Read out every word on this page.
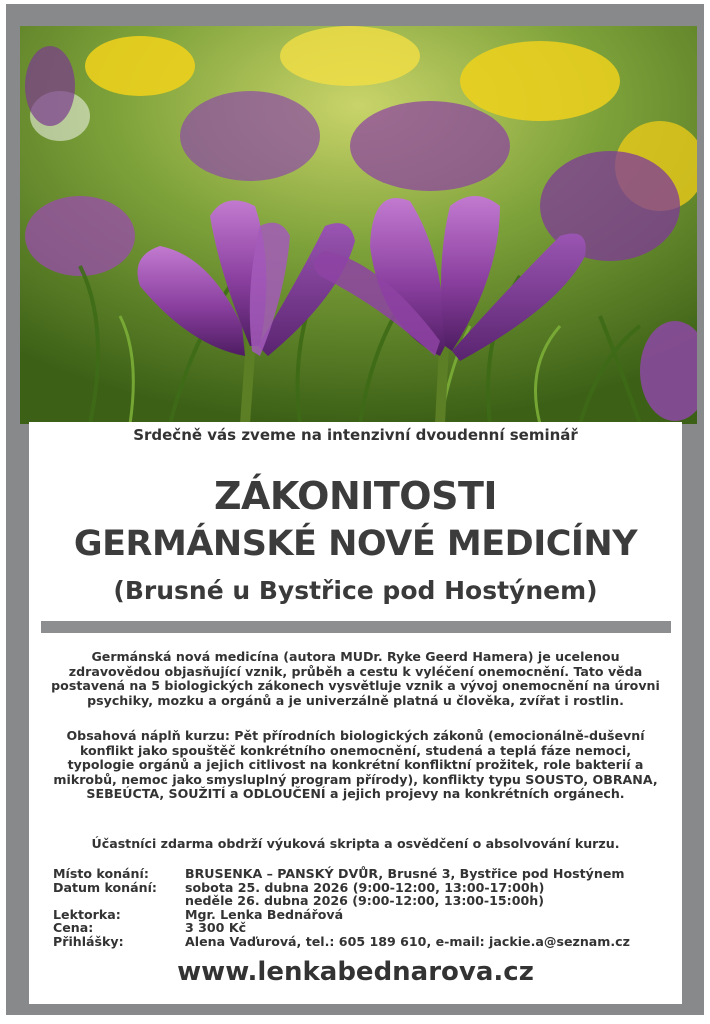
Srdečně vás zveme na intenzivní dvoudenní seminář
ZÁKONITOSTI
GERMÁNSKÉ NOVÉ MEDICÍNY
(Brusné u Bystřice pod Hostýnem)
Germánská nová medicína (autora MUDr. Ryke Geerd Hamera) je ucelenou zdravovědou objasňující vznik, průběh a cestu k vyléčení onemocnění. Tato věda postavená na 5 biologických zákonech vysvětluje vznik a vývoj onemocnění na úrovni psychiky, mozku a orgánů a je univerzálně platná u člověka, zvířat i rostlin.
Obsahová náplň kurzu: Pět přírodních biologických zákonů (emocionálně-duševní konflikt jako spouštěč konkrétního onemocnění, studená a teplá fáze nemoci, typologie orgánů a jejich citlivost na konkrétní konfliktní prožitek, role bakterií a mikrobů, nemoc jako smysluplný program přírody), konflikty typu SOUSTO, OBRANA, SEBEÚCTA, SOUŽITÍ a ODLOUČENÍ a jejich projevy na konkrétních orgánech.
Účastníci zdarma obdrží výuková skripta a osvědčení o absolvování kurzu.
Místo konání:	BRUSENKA – PANSKÝ DVŮR, Brusné 3, Bystřice pod Hostýnem
Datum konání:	sobota 25. dubna 2026 (9:00-12:00, 13:00-17:00h)
neděle 26. dubna 2026 (9:00-12:00, 13:00-15:00h)
Lektorka:	Mgr. Lenka Bednářová
Cena:	3 300 Kč
Přihlášky:	Alena Vaďurová, tel.: 605 189 610, e-mail: jackie.a@seznam.cz
www.lenkabednarova.cz
